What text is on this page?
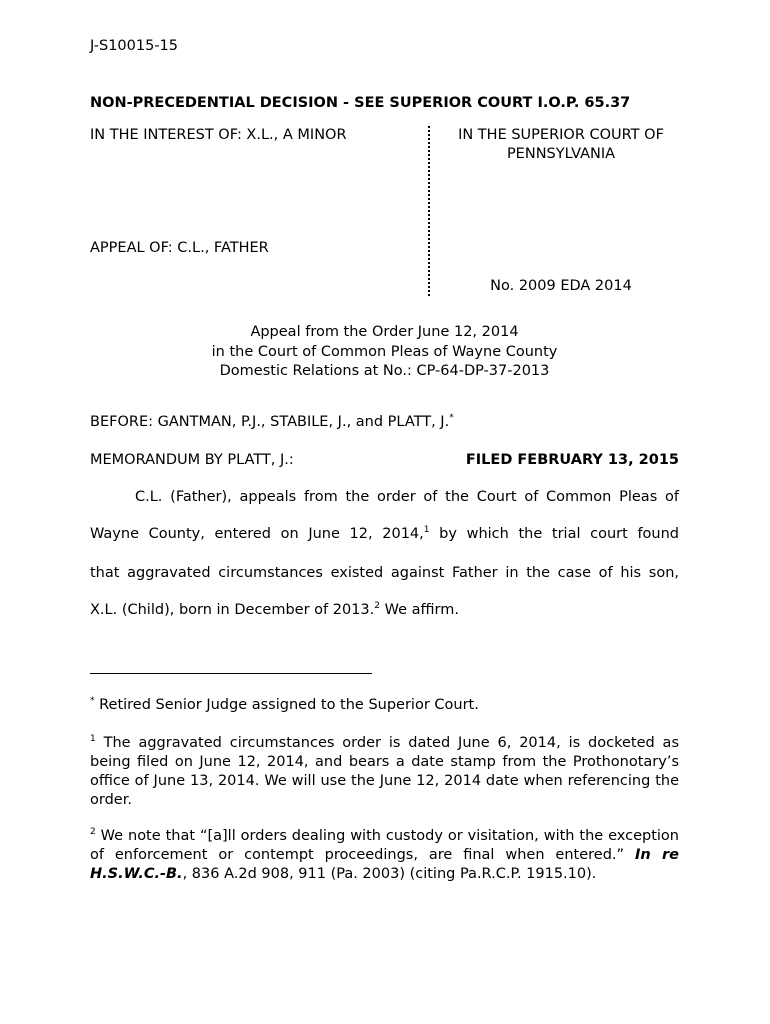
J-S10015-15
NON-PRECEDENTIAL DECISION - SEE SUPERIOR COURT I.O.P. 65.37
IN THE INTEREST OF: X.L., A MINOR
APPEAL OF: C.L., FATHER
IN THE SUPERIOR COURT OF
PENNSYLVANIA
No. 2009 EDA 2014
Appeal from the Order June 12, 2014
in the Court of Common Pleas of Wayne County
Domestic Relations at No.: CP-64-DP-37-2013
BEFORE: GANTMAN, P.J., STABILE, J., and PLATT, J.*
MEMORANDUM BY PLATT, J.:	FILED FEBRUARY 13, 2015
C.L. (Father), appeals from the order of the Court of Common Pleas of
Wayne County, entered on June 12, 2014,$^1$ by which the trial court found
that aggravated circumstances existed against Father in the case of his son,
X.L. (Child), born in December of 2013.$^2$ We affirm.
* Retired Senior Judge assigned to the Superior Court.
$^1$ The aggravated circumstances order is dated June 6, 2014, is docketed as being filed on June 12, 2014, and bears a date stamp from the Prothonotary’s office of June 13, 2014. We will use the June 12, 2014 date when referencing the order.
$^2$ We note that “[a]ll orders dealing with custody or visitation, with the exception of enforcement or contempt proceedings, are final when entered.” In re H.S.W.C.-B., 836 A.2d 908, 911 (Pa. 2003) (citing Pa.R.C.P. 1915.10).
